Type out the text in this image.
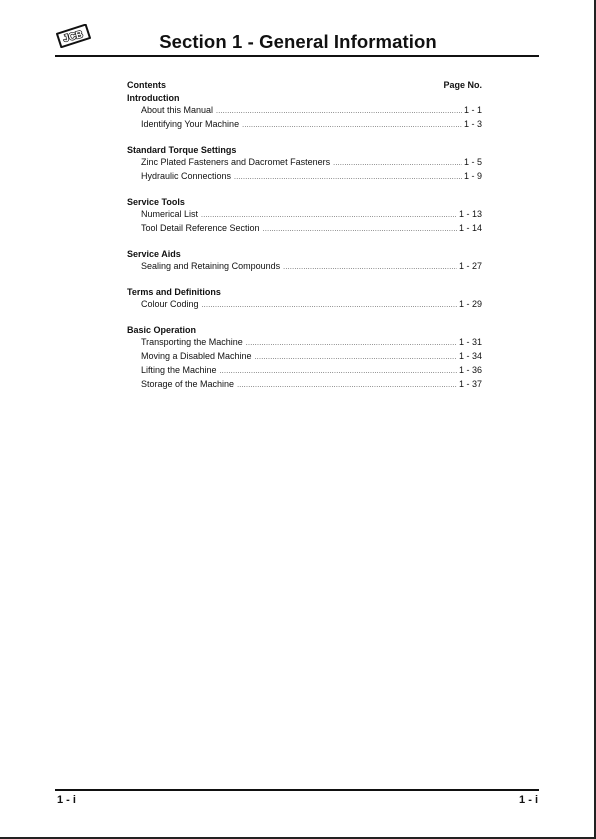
JCB	Section 1 - General Information
Contents	Page No.
Introduction
About this Manual .....	1 - 1
Identifying Your Machine .....	1 - 3
Standard Torque Settings
Zinc Plated Fasteners and Dacromet Fasteners .....	1 - 5
Hydraulic Connections .....	1 - 9
Service Tools
Numerical List .....	1 - 13
Tool Detail Reference Section .....	1 - 14
Service Aids
Sealing and Retaining Compounds .....	1 - 27
Terms and Definitions
Colour Coding .....	1 - 29
Basic Operation
Transporting the Machine .....	1 - 31
Moving a Disabled Machine .....	1 - 34
Lifting the Machine .....	1 - 36
Storage of the Machine .....	1 - 37
1 - i	1 - i
